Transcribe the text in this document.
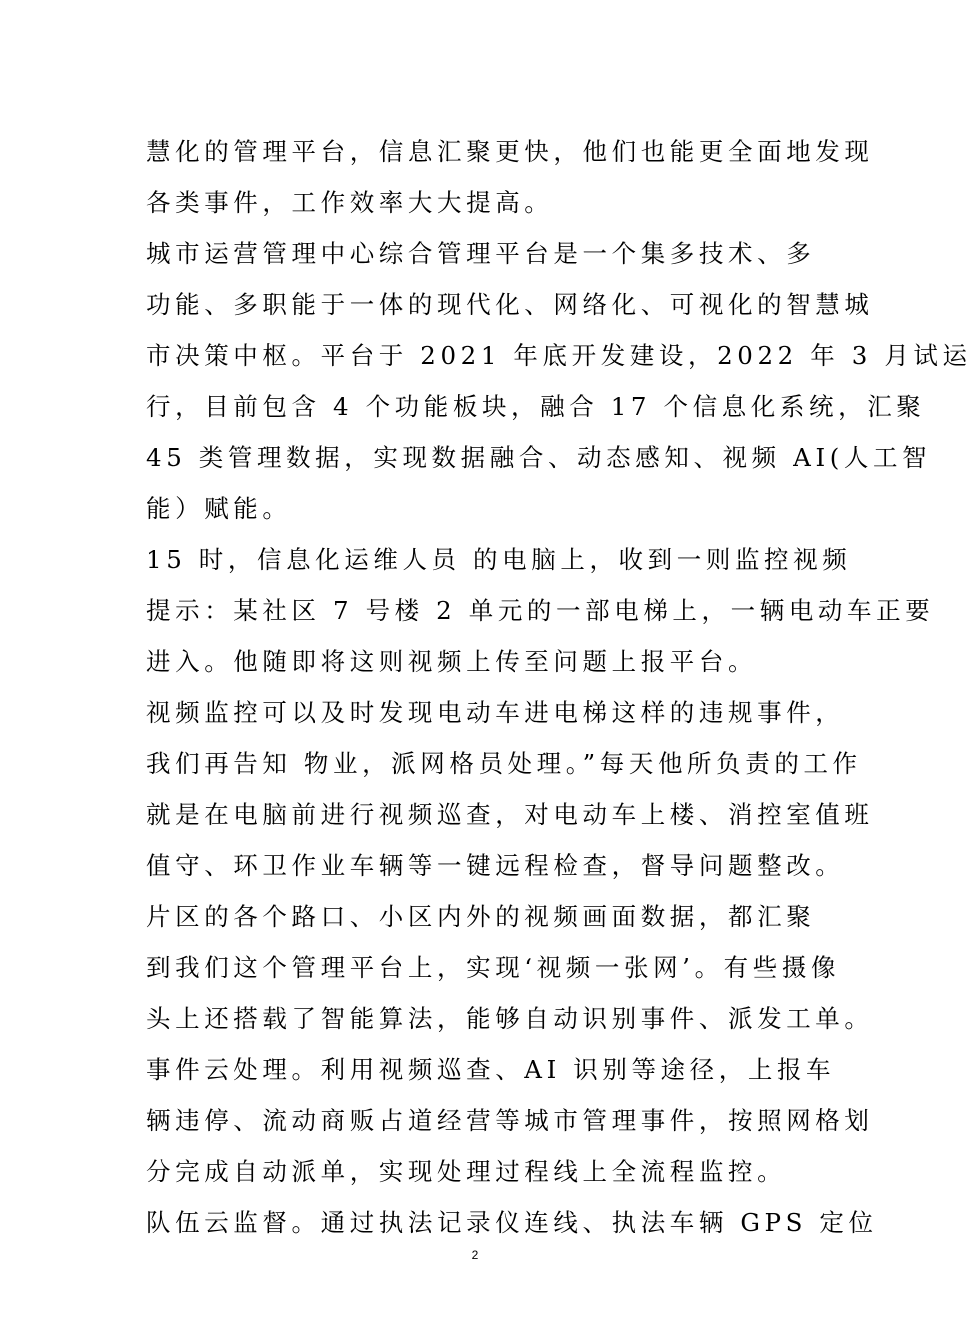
慧化的管理平台，信息汇聚更快，他们也能更全面地发现
各类事件，工作效率大大提高。
城市运营管理中心综合管理平台是一个集多技术、多
功能、多职能于一体的现代化、网络化、可视化的智慧城
市决策中枢。平台于 2021 年底开发建设，2022 年 3 月试运
行，目前包含 4 个功能板块，融合 17 个信息化系统，汇聚
45 类管理数据，实现数据融合、动态感知、视频 AI(人工智
能）赋能。
15 时，信息化运维人员 的电脑上，收到一则监控视频
提示：某社区 7 号楼 2 单元的一部电梯上，一辆电动车正要
进入。他随即将这则视频上传至问题上报平台。
视频监控可以及时发现电动车进电梯这样的违规事件，
我们再告知 物业，派网格员处理。”每天他所负责的工作
就是在电脑前进行视频巡查，对电动车上楼、消控室值班
值守、环卫作业车辆等一键远程检查，督导问题整改。
片区的各个路口、小区内外的视频画面数据，都汇聚
到我们这个管理平台上，实现‘视频一张网’。有些摄像
头上还搭载了智能算法，能够自动识别事件、派发工单。
事件云处理。利用视频巡查、AI 识别等途径，上报车
辆违停、流动商贩占道经营等城市管理事件，按照网格划
分完成自动派单，实现处理过程线上全流程监控。
队伍云监督。通过执法记录仪连线、执法车辆 GPS 定位
2
